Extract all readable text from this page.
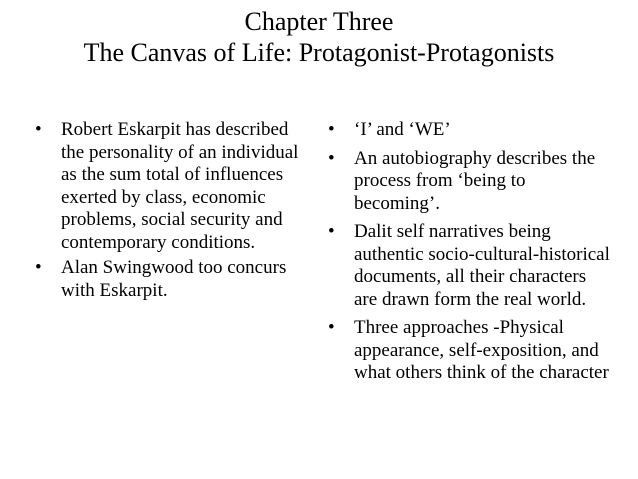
Chapter Three
The Canvas of Life: Protagonist-Protagonists
•	Robert Eskarpit has described the personality of an individual as the sum total of influences exerted by class, economic problems, social security and contemporary conditions.
•	Alan Swingwood too concurs with Eskarpit.
•	‘I’ and ‘WE’
•	An autobiography describes the process from ‘being to becoming’.
•	Dalit self narratives being authentic socio-cultural-historical documents, all their characters are drawn form the real world.
•	Three approaches -Physical appearance, self-exposition, and what others think of the character
